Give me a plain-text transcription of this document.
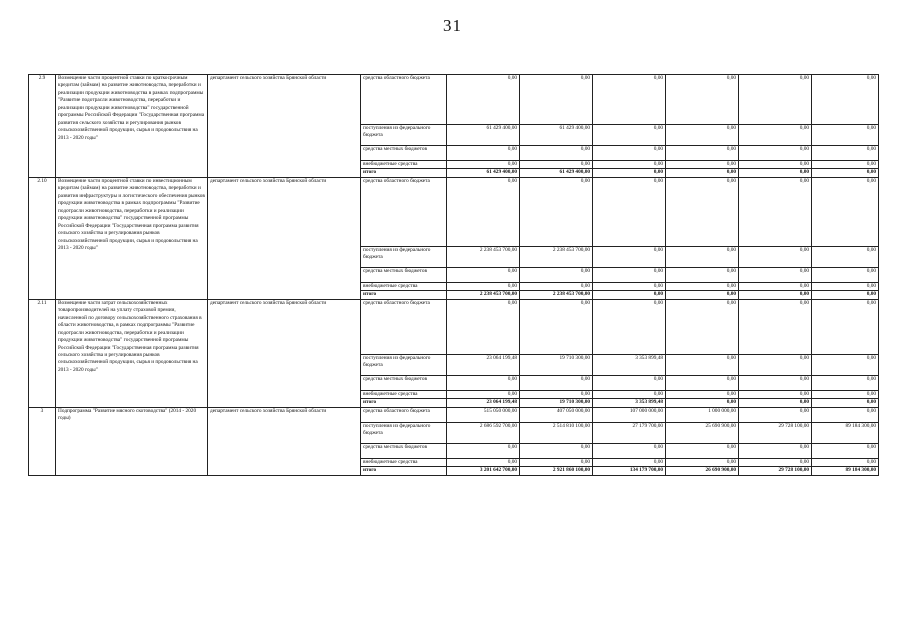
31
2.9	Возмещение части процентной ставки по краткосрочным кредитам (займам) на развитие животноводства, переработки и реализации продукции животноводства в рамках подпрограммы "Развитие подотрасли животноводства, переработки и реализации продукции животноводства" государственной программы Российской Федерации "Государственная программа развития сельского хозяйства и регулирования рынков сельскохозяйственной продукции, сырья и продовольствия на 2013 - 2020 годы"	департамент сельского хозяйства Брянской области	средства областного бюджета	0,00	0,00	0,00	0,00	0,00	0,00
			поступления из федерального бюджета	61 429 400,00	61 429 400,00	0,00	0,00	0,00	0,00
			средства местных бюджетов	0,00	0,00	0,00	0,00	0,00	0,00
			внебюджетные средства	0,00	0,00	0,00	0,00	0,00	0,00
			итого	61 429 400,00	61 429 400,00	0,00	0,00	0,00	0,00
2.10	Возмещение части процентной ставки по инвестиционным кредитам (займам) на развитие животноводства, переработки и развития инфраструктуры и логистического обеспечения рынков продукции животноводства в рамках подпрограммы "Развитие подотрасли животноводства, переработки и реализации продукции животноводства" государственной программы Российской Федерации "Государственная программа развития сельского хозяйства и регулирования рынков сельскохозяйственной продукции, сырья и продовольствия на 2013 - 2020 годы"	департамент сельского хозяйства Брянской области	средства областного бюджета	0,00	0,00	0,00	0,00	0,00	0,00
			поступления из федерального бюджета	2 238 453 700,00	2 238 453 700,00	0,00	0,00	0,00	0,00
			средства местных бюджетов	0,00	0,00	0,00	0,00	0,00	0,00
			внебюджетные средства	0,00	0,00	0,00	0,00	0,00	0,00
			итого	2 238 453 700,00	2 238 453 700,00	0,00	0,00	0,00	0,00
2.11	Возмещение части затрат сельскохозяйственных товаропроизводителей на уплату страховой премии, начисленной по договору сельскохозяйственного страхования в области животноводства, в рамках подпрограммы "Развитие подотрасли животноводства, переработки и реализации продукции животноводства" государственной программы Российской Федерации "Государственная программа развития сельского хозяйства и регулирования рынков сельскохозяйственной продукции, сырья и продовольствия на 2013 - 2020 годы"	департамент сельского хозяйства Брянской области	средства областного бюджета	0,00	0,00	0,00	0,00	0,00	0,00
			поступления из федерального бюджета	23 064 199,48	19 710 300,00	3 353 899,48	0,00	0,00	0,00
			средства местных бюджетов	0,00	0,00	0,00	0,00	0,00	0,00
			внебюджетные средства	0,00	0,00	0,00	0,00	0,00	0,00
			итого	23 064 199,48	19 710 300,00	3 353 899,48	0,00	0,00	0,00
3	Подпрограмма "Развитие мясного скотоводства" (2014 - 2020 годы)	департамент сельского хозяйства Брянской области	средства областного бюджета	515 050 000,00	407 050 000,00	107 000 000,00	1 000 000,00	0,00	0,00
			поступления из федерального бюджета	2 686 592 700,00	2 514 810 100,00	27 179 700,00	25 690 900,00	29 728 100,00	89 184 300,00
			средства местных бюджетов	0,00	0,00	0,00	0,00	0,00	0,00
			внебюджетные средства	0,00	0,00	0,00	0,00	0,00	0,00
			итого	3 201 642 700,00	2 921 860 100,00	134 179 700,00	26 690 900,00	29 728 100,00	89 184 300,00
